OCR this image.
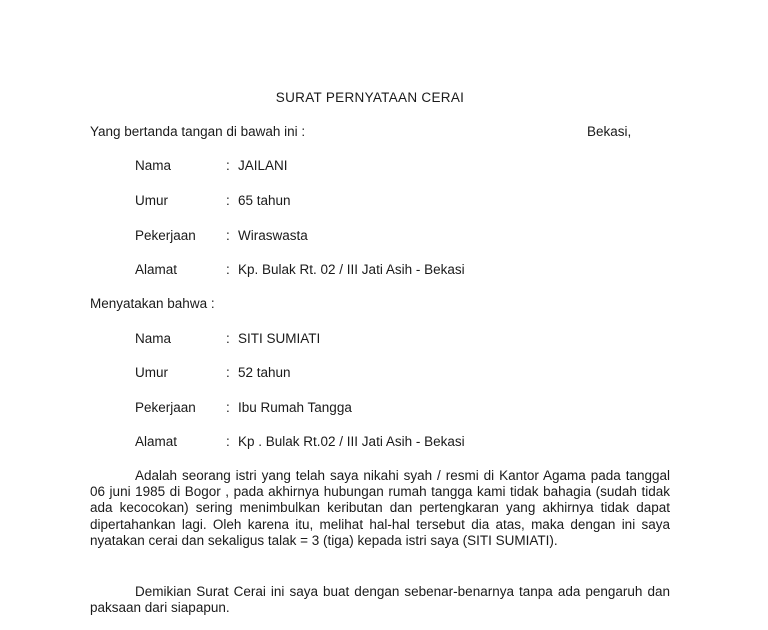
SURAT PERNYATAAN CERAI
Yang bertanda tangan di bawah ini :	Bekasi,
Nama	: JAILANI
Umur	: 65 tahun
Pekerjaan : Wiraswasta
Alamat	: Kp. Bulak Rt. 02 / III Jati Asih - Bekasi
Menyatakan bahwa :
Nama	: SITI SUMIATI
Umur	: 52 tahun
Pekerjaan : Ibu Rumah Tangga
Alamat	: Kp . Bulak Rt.02 / III Jati Asih - Bekasi
Adalah seorang istri yang telah saya nikahi syah / resmi di Kantor Agama pada tanggal 06 juni 1985 di Bogor , pada akhirnya hubungan rumah tangga kami tidak bahagia (sudah tidak ada kecocokan) sering menimbulkan keributan dan pertengkaran yang akhirnya tidak dapat dipertahankan lagi. Oleh karena itu, melihat hal-hal tersebut dia atas, maka dengan ini saya nyatakan cerai dan sekaligus talak = 3 (tiga) kepada istri saya (SITI SUMIATI).
Demikian Surat Cerai ini saya buat dengan sebenar-benarnya tanpa ada pengaruh dan paksaan dari siapapun.
